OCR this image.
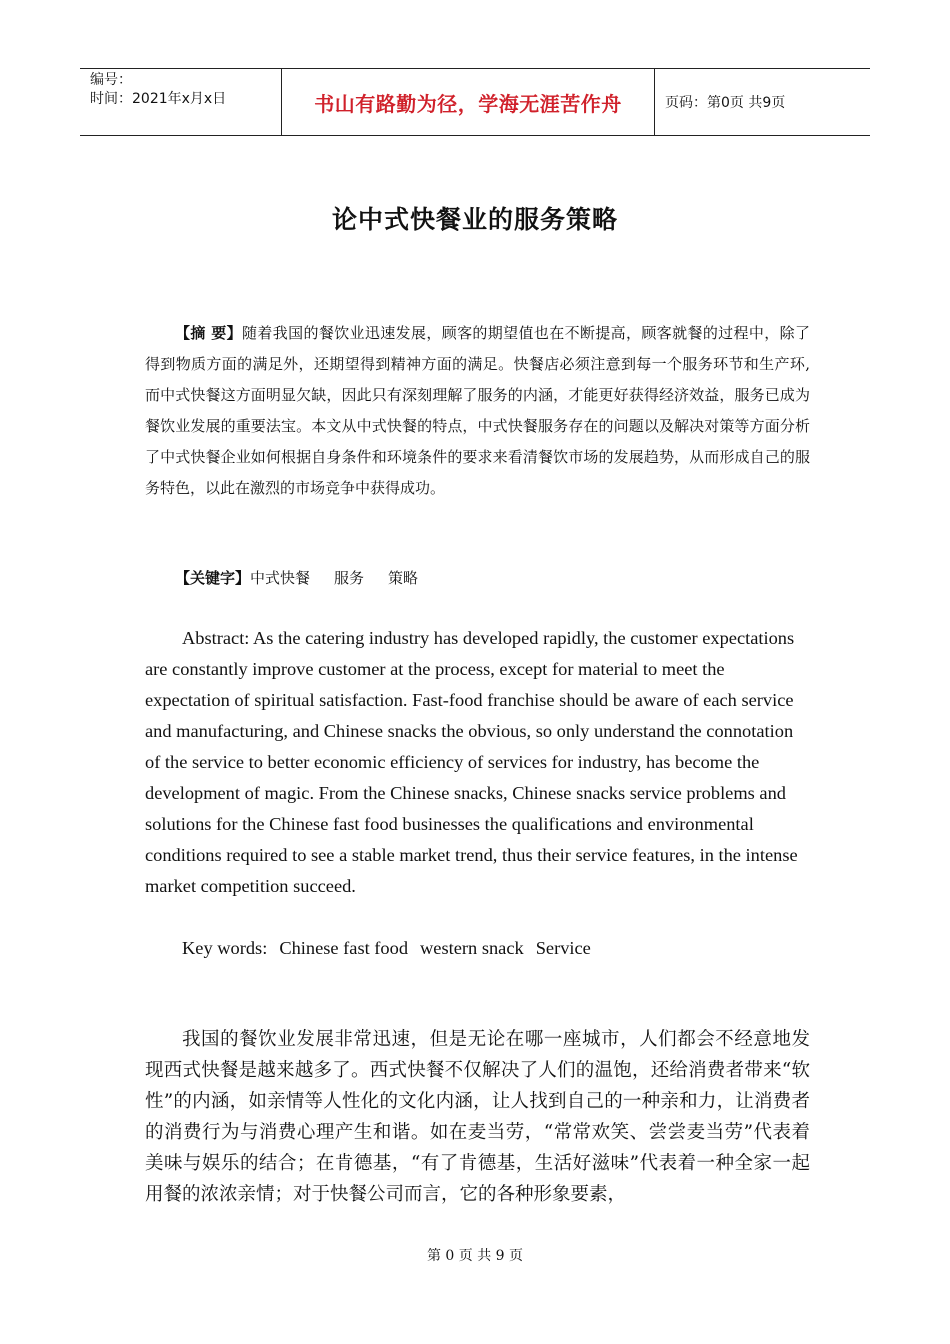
编号：
时间：2021年x月x日	书山有路勤为径，学海无涯苦作舟	页码：第0页 共9页
论中式快餐业的服务策略
【摘 要】随着我国的餐饮业迅速发展，顾客的期望值也在不断提高，顾客就餐的过程中，除了得到物质方面的满足外，还期望得到精神方面的满足。快餐店必须注意到每一个服务环节和生产环, 而中式快餐这方面明显欠缺，因此只有深刻理解了服务的内涵，才能更好获得经济效益，服务已成为餐饮业发展的重要法宝。本文从中式快餐的特点，中式快餐服务存在的问题以及解决对策等方面分析了中式快餐企业如何根据自身条件和环境条件的要求来看清餐饮市场的发展趋势，从而形成自己的服务特色，以此在激烈的市场竞争中获得成功。
【关键字】中式快餐 服务 策略
Abstract: As the catering industry has developed rapidly, the customer expectations are constantly improve customer at the process, except for material to meet the expectation of spiritual satisfaction. Fast-food franchise should be aware of each service and manufacturing, and Chinese snacks the obvious, so only understand the connotation of the service to better economic efficiency of services for industry, has become the development of magic. From the Chinese snacks, Chinese snacks service problems and solutions for the Chinese fast food businesses the qualifications and environmental conditions required to see a stable market trend, thus their service features, in the intense market competition succeed.
Key words: Chinese fast food western snack Service
我国的餐饮业发展非常迅速，但是无论在哪一座城市，人们都会不经意地发现西式快餐是越来越多了。西式快餐不仅解决了人们的温饱，还给消费者带来“软性”的内涵，如亲情等人性化的文化内涵，让人找到自己的一种亲和力，让消费者的消费行为与消费心理产生和谐。如在麦当劳，“常常欢笑、尝尝麦当劳”代表着美味与娱乐的结合；在肯德基，“有了肯德基，生活好滋味”代表着一种全家一起用餐的浓浓亲情；对于快餐公司而言，它的各种形象要素，
第 0 页 共 9 页
